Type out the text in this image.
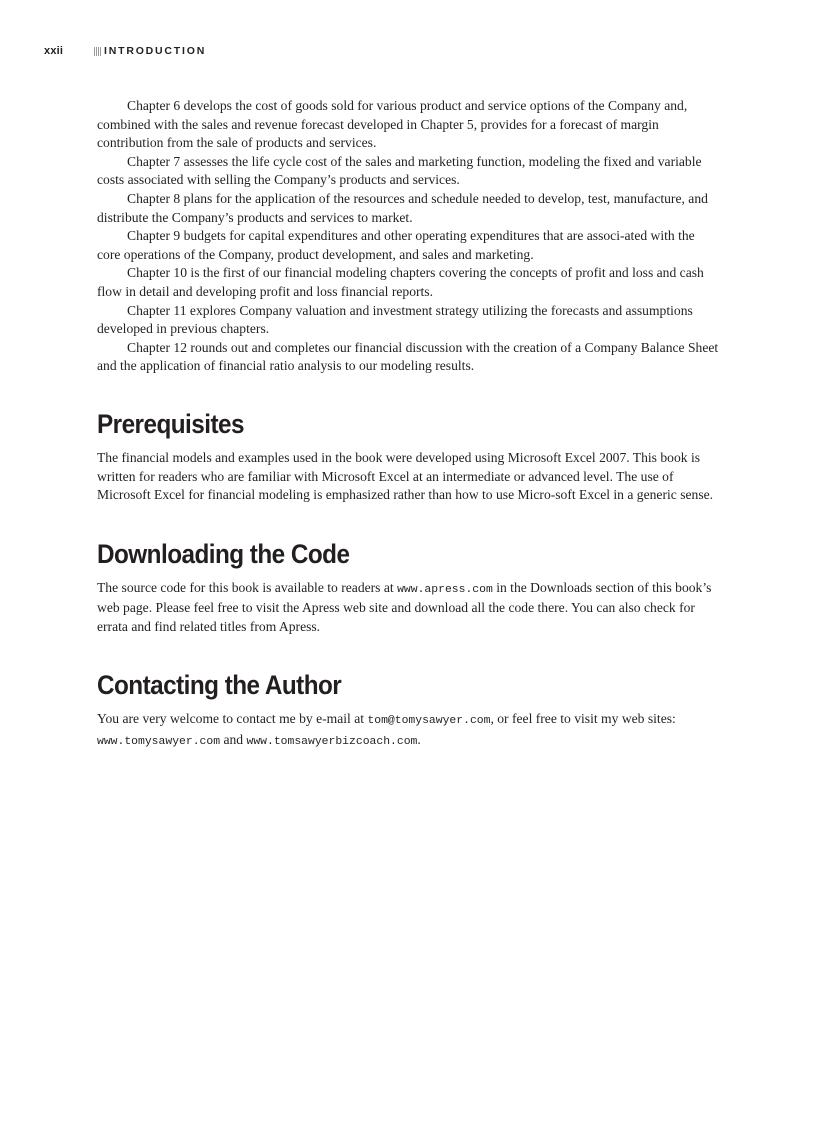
xxii	INTRODUCTION

Chapter 6 develops the cost of goods sold for various product and service options of the Company and, combined with the sales and revenue forecast developed in Chapter 5, provides for a forecast of margin contribution from the sale of products and services.

Chapter 7 assesses the life cycle cost of the sales and marketing function, modeling the fixed and variable costs associated with selling the Company’s products and services.

Chapter 8 plans for the application of the resources and schedule needed to develop, test, manufacture, and distribute the Company’s products and services to market.

Chapter 9 budgets for capital expenditures and other operating expenditures that are associ-ated with the core operations of the Company, product development, and sales and marketing.

Chapter 10 is the first of our financial modeling chapters covering the concepts of profit and loss and cash flow in detail and developing profit and loss financial reports.

Chapter 11 explores Company valuation and investment strategy utilizing the forecasts and assumptions developed in previous chapters.

Chapter 12 rounds out and completes our financial discussion with the creation of a Company Balance Sheet and the application of financial ratio analysis to our modeling results.

Prerequisites

The financial models and examples used in the book were developed using Microsoft Excel 2007. This book is written for readers who are familiar with Microsoft Excel at an intermediate or advanced level. The use of Microsoft Excel for financial modeling is emphasized rather than how to use Micro-soft Excel in a generic sense.

Downloading the Code

The source code for this book is available to readers at www.apress.com in the Downloads section of this book’s web page. Please feel free to visit the Apress web site and download all the code there. You can also check for errata and find related titles from Apress.

Contacting the Author

You are very welcome to contact me by e-mail at tom@tomysawyer.com, or feel free to visit my web sites: www.tomysawyer.com and www.tomsawyerbizcoach.com.
